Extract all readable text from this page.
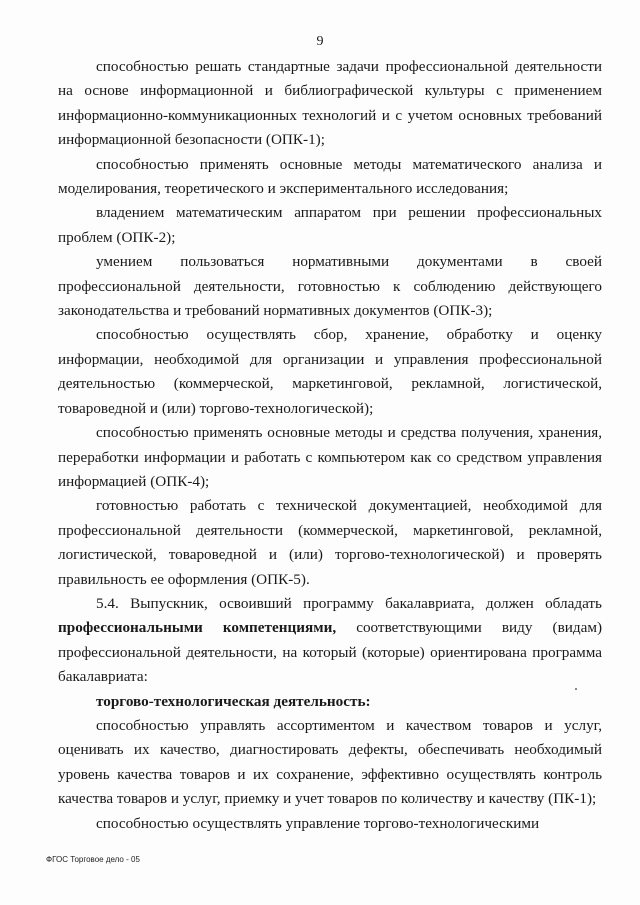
9

способностью решать стандартные задачи профессиональной деятельности на основе информационной и библиографической культуры с применением информационно-коммуникационных технологий и с учетом основных требований информационной безопасности (ОПК-1);

способностью применять основные методы математического анализа и моделирования, теоретического и экспериментального исследования;

владением математическим аппаратом при решении профессиональных проблем (ОПК-2);

умением пользоваться нормативными документами в своей профессиональной деятельности, готовностью к соблюдению действующего законодательства и требований нормативных документов (ОПК-3);

способностью осуществлять сбор, хранение, обработку и оценку информации, необходимой для организации и управления профессиональной деятельностью (коммерческой, маркетинговой, рекламной, логистической, товароведной и (или) торгово-технологической);

способностью применять основные методы и средства получения, хранения, переработки информации и работать с компьютером как со средством управления информацией (ОПК-4);

готовностью работать с технической документацией, необходимой для профессиональной деятельности (коммерческой, маркетинговой, рекламной, логистической, товароведной и (или) торгово-технологической) и проверять правильность ее оформления (ОПК-5).

5.4. Выпускник, освоивший программу бакалавриата, должен обладать профессиональными компетенциями, соответствующими виду (видам) профессиональной деятельности, на который (которые) ориентирована программа бакалавриата:

торгово-технологическая деятельность:

способностью управлять ассортиментом и качеством товаров и услуг, оценивать их качество, диагностировать дефекты, обеспечивать необходимый уровень качества товаров и их сохранение, эффективно осуществлять контроль качества товаров и услуг, приемку и учет товаров по количеству и качеству (ПК-1);

способностью осуществлять управление торгово-технологическими

ФГОС Торговое дело - 05
